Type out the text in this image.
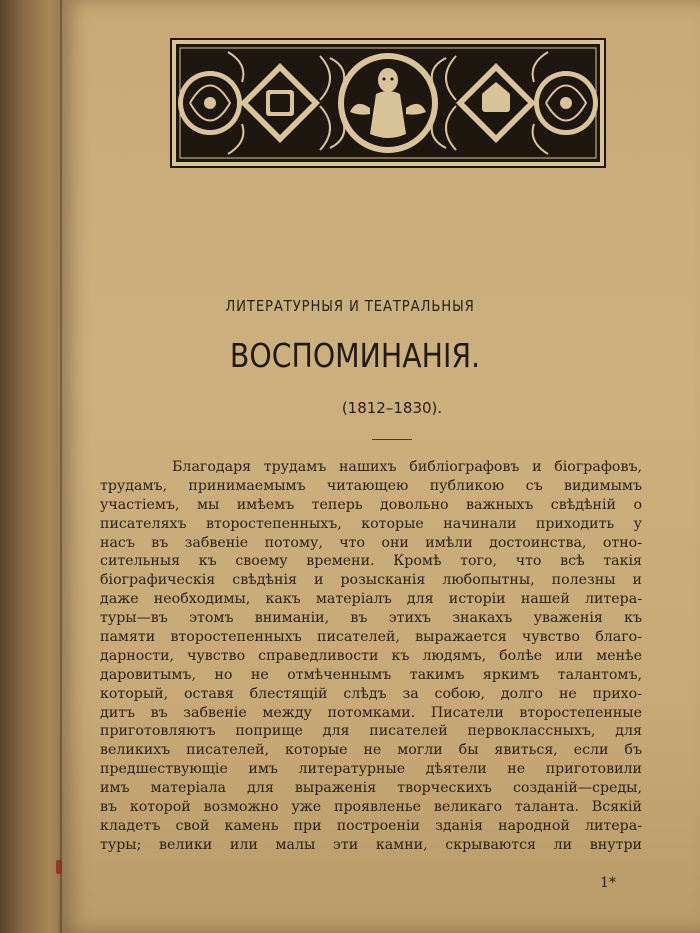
ЛИТЕРАТУРНЫЯ И ТЕАТРАЛЬНЫЯ
ВОСПОМИНАНІЯ.
(1812–1830).
Благодаря трудамъ нашихъ библіографовъ и біографовъ,
трудамъ, принимаемымъ читающею публикою съ видимымъ
участіемъ, мы имѣемъ теперь довольно важныхъ свѣдѣній о
писателяхъ второстепенныхъ, которые начинали приходить у
насъ въ забвеніе потому, что они имѣли достоинства, отно-
сительныя къ своему времени. Кромѣ того, что всѣ такія
біографическія свѣдѣнія и розысканія любопытны, полезны и
даже необходимы, какъ матеріалъ для исторіи нашей литера-
туры—въ этомъ вниманіи, въ этихъ знакахъ уваженія къ
памяти второстепенныхъ писателей, выражается чувство благо-
дарности, чувство справедливости къ людямъ, болѣе или менѣе
даровитымъ, но не отмѣченнымъ такимъ яркимъ талантомъ,
который, оставя блестящій слѣдъ за собою, долго не прихо-
дитъ въ забвеніе между потомками. Писатели второстепенные
приготовляютъ поприще для писателей первоклассныхъ, для
великихъ писателей, которые не могли бы явиться, если бъ
предшествующіе имъ литературные дѣятели не приготовили
имъ матеріала для выраженія творческихъ созданій—среды,
въ которой возможно уже проявленье великаго таланта. Всякій
кладетъ свой камень при построеніи зданія народной литера-
туры; велики или малы эти камни, скрываются ли внутри
1*
